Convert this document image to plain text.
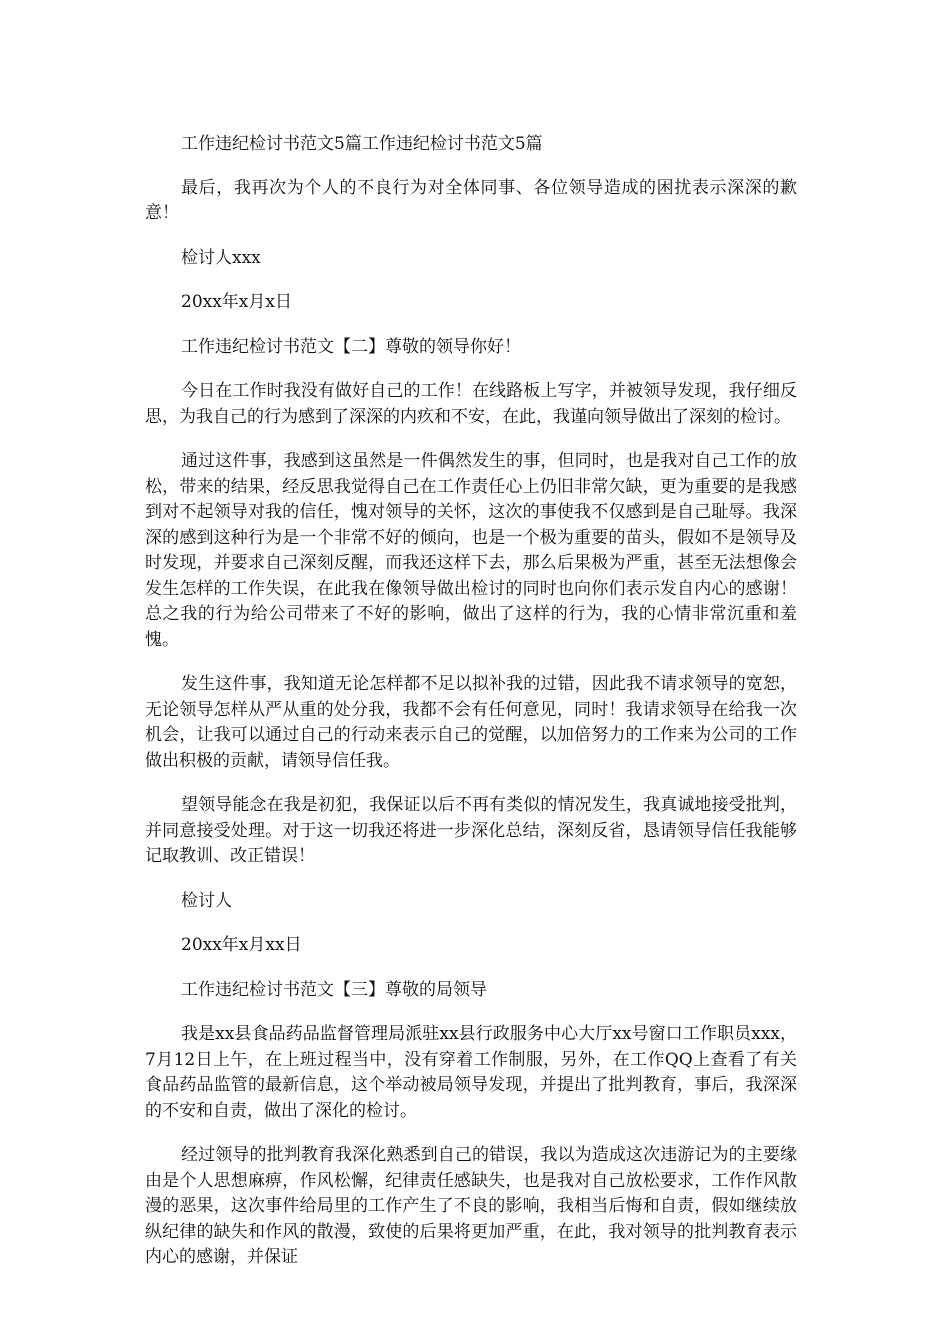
工作违纪检讨书范文5篇工作违纪检讨书范文5篇

最后，我再次为个人的不良行为对全体同事、各位领导造成的困扰表示深深的歉意！

检讨人xxx

20xx年x月x日

工作违纪检讨书范文【二】尊敬的领导你好！

今日在工作时我没有做好自己的工作！在线路板上写字，并被领导发现，我仔细反思，为我自己的行为感到了深深的内疚和不安，在此，我谨向领导做出了深刻的检讨。

通过这件事，我感到这虽然是一件偶然发生的事，但同时，也是我对自己工作的放松，带来的结果，经反思我觉得自己在工作责任心上仍旧非常欠缺，更为重要的是我感到对不起领导对我的信任，愧对领导的关怀，这次的事使我不仅感到是自己耻辱。我深深的感到这种行为是一个非常不好的倾向，也是一个极为重要的苗头，假如不是领导及时发现，并要求自己深刻反醒，而我还这样下去，那么后果极为严重，甚至无法想像会发生怎样的工作失误，在此我在像领导做出检讨的同时也向你们表示发自内心的感谢！总之我的行为给公司带来了不好的影响，做出了这样的行为，我的心情非常沉重和羞愧。

发生这件事，我知道无论怎样都不足以拟补我的过错，因此我不请求领导的宽恕，无论领导怎样从严从重的处分我，我都不会有任何意见，同时！我请求领导在给我一次机会，让我可以通过自己的行动来表示自己的觉醒，以加倍努力的工作来为公司的工作做出积极的贡献，请领导信任我。

望领导能念在我是初犯，我保证以后不再有类似的情况发生，我真诚地接受批判，并同意接受处理。对于这一切我还将进一步深化总结，深刻反省，恳请领导信任我能够记取教训、改正错误！

检讨人

20xx年x月xx日

工作违纪检讨书范文【三】尊敬的局领导

我是xx县食品药品监督管理局派驻xx县行政服务中心大厅xx号窗口工作职员xxx，7月12日上午，在上班过程当中，没有穿着工作制服，另外，在工作QQ上查看了有关食品药品监管的最新信息，这个举动被局领导发现，并提出了批判教育，事后，我深深的不安和自责，做出了深化的检讨。

经过领导的批判教育我深化熟悉到自己的错误，我以为造成这次违游记为的主要缘由是个人思想麻痹，作风松懈，纪律责任感缺失，也是我对自己放松要求，工作作风散漫的恶果，这次事件给局里的工作产生了不良的影响，我相当后悔和自责，假如继续放纵纪律的缺失和作风的散漫，致使的后果将更加严重，在此，我对领导的批判教育表示内心的感谢，并保证
